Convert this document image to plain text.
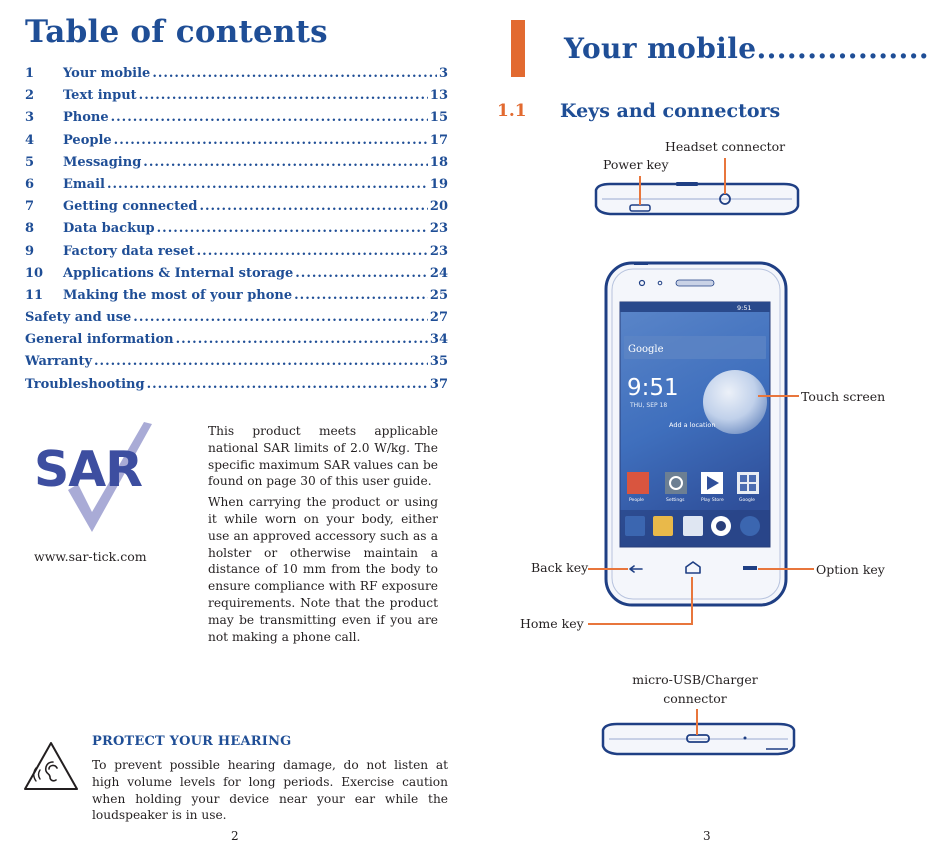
Table of contents
1	Your mobile .....	3
2	Text input .....	13
3	Phone .....	15
4	People .....	17
5	Messaging .....	18
6	Email .....	19
7	Getting connected .....	20
8	Data backup .....	23
9	Factory data reset .....	23
10	Applications & Internal storage .....	24
11	Making the most of your phone .....	25
Safety and use .....	27
General information .....	34
Warranty .....	35
Troubleshooting .....	37
SAR
www.sar-tick.com

This product meets applicable national SAR limits of 2.0 W/kg. The specific maximum SAR values can be found on page 30 of this user guide.

When carrying the product or using it while worn on your body, either use an approved accessory such as a holster or otherwise maintain a distance of 10 mm from the body to ensure compliance with RF exposure requirements. Note that the product may be transmitting even if you are not making a phone call.

PROTECT YOUR HEARING
To prevent possible hearing damage, do not listen at high volume levels for long periods. Exercise caution when holding your device near your ear while the loudspeaker is in use.
2	3
Your mobile.................
1.1 Keys and connectors
9:51
Google
9:51
THU, SEP 18
Add a location
People	Settings	Play Store	Google
Headset connector
Power key
Touch screen
Back key	Option key
Home key
micro-USB/Charger
connector
